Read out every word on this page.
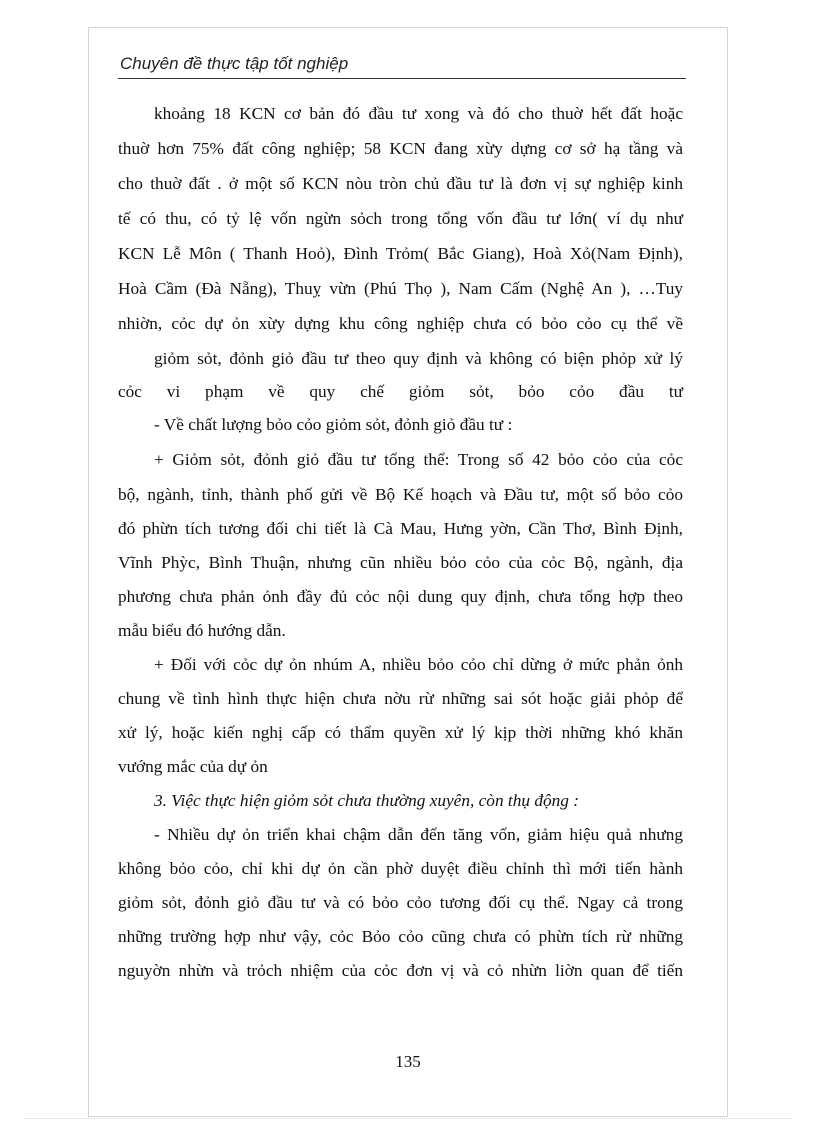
Chuyên đề thực tập tốt nghiệp

khoảng 18 KCN cơ bản đó đầu tư xong và đó cho thuờ hết đất hoặc

thuờ hơn 75% đất công nghiệp; 58 KCN đang xừy dựng cơ sở hạ tầng và

cho thuờ đất . ở một số KCN nòu tròn chủ đầu tư là đơn vị sự nghiệp kinh

tế có thu, có tỷ lệ vốn ngừn sỏch trong tổng vốn đầu tư lớn( ví dụ như

KCN Lễ Môn ( Thanh Hoỏ), Đình Trỏm( Bắc Giang), Hoà Xỏ(Nam Định),

Hoà Cầm (Đà Nẵng), Thuỵ vừn (Phú Thọ ), Nam Cấm (Nghệ An ), …Tuy

nhiờn, cỏc dự ỏn xừy dựng khu công nghiệp chưa có bỏo cỏo cụ thể về

giỏm sỏt, đỏnh giỏ đầu tư theo quy định và không có biện phỏp xử lý

cỏc vi phạm về quy chế giỏm sỏt, bỏo cỏo đầu tư

- Về chất lượng bỏo cỏo giỏm sỏt, đỏnh giỏ đầu tư :

+ Giỏm sỏt, đỏnh giỏ đầu tư tổng thể: Trong số 42 bỏo cỏo của cỏc

bộ, ngành, tỉnh, thành phố gửi về Bộ Kế hoạch và Đầu tư, một số bỏo cỏo

đó phừn tích tương đối chi tiết là Cà Mau, Hưng yờn, Cần Thơ, Bình Định,

Vĩnh Phỳc, Bình Thuận, nhưng cũn nhiều bỏo cỏo của cỏc Bộ, ngành, địa

phương chưa phản ỏnh đầy đủ cỏc nội dung quy định, chưa tổng hợp theo

mẫu biểu đó hướng dẫn.

+ Đối với cỏc dự ỏn nhúm A, nhiều bỏo cỏo chỉ dừng ở mức phản ỏnh

chung về tình hình thực hiện chưa nờu rừ những sai sót hoặc giải phỏp để

xử lý, hoặc kiến nghị cấp có thẩm quyền xử lý kịp thời những khó khăn

vướng mắc của dự ỏn

3. Việc thực hiện giỏm sỏt chưa thường xuyên, còn thụ động :

- Nhiều dự ỏn triển khai chậm dẫn đến tăng vốn, giảm hiệu quả nhưng

không bỏo cỏo, chỉ khi dự ỏn cần phờ duyệt điều chỉnh thì mới tiến hành

giỏm sỏt, đỏnh giỏ đầu tư và có bỏo cỏo tương đối cụ thể. Ngay cả trong

những trường hợp như vậy, cỏc Bỏo cỏo cũng chưa có phừn tích rừ những

nguyờn nhừn và trỏch nhiệm của cỏc đơn vị và cỏ nhừn liờn quan để tiến

135
